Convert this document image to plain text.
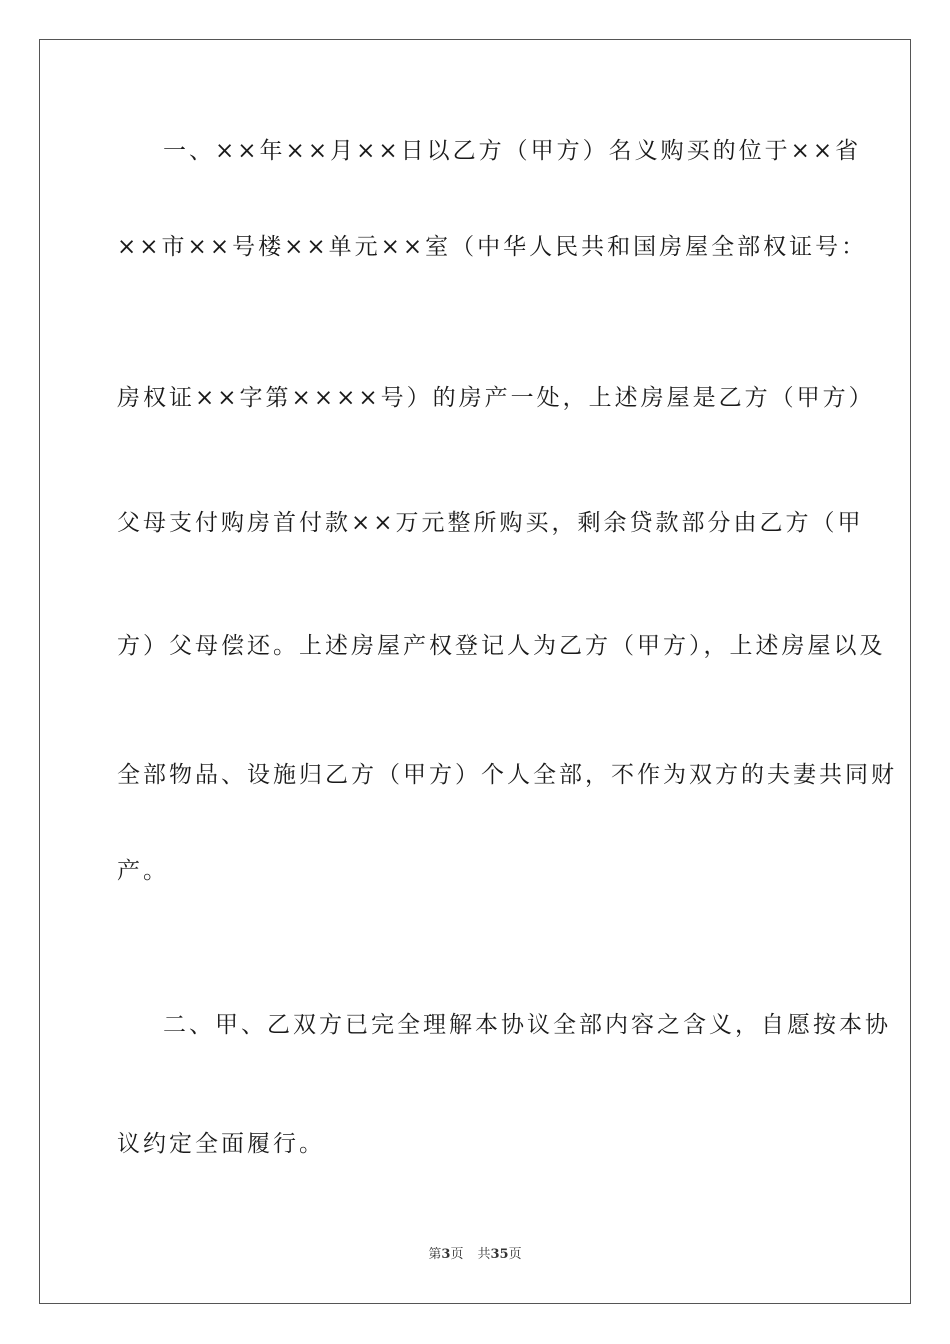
一、××年××月××日以乙方（甲方）名义购买的位于××省
××市××号楼××单元××室（中华人民共和国房屋全部权证号：
房权证××字第××××号）的房产一处，上述房屋是乙方（甲方）
父母支付购房首付款××万元整所购买，剩余贷款部分由乙方（甲
方）父母偿还。上述房屋产权登记人为乙方（甲方），上述房屋以及
全部物品、设施归乙方（甲方）个人全部，不作为双方的夫妻共同财
产。
二、甲、乙双方已完全理解本协议全部内容之含义，自愿按本协
议约定全面履行。
第3页 共35页
